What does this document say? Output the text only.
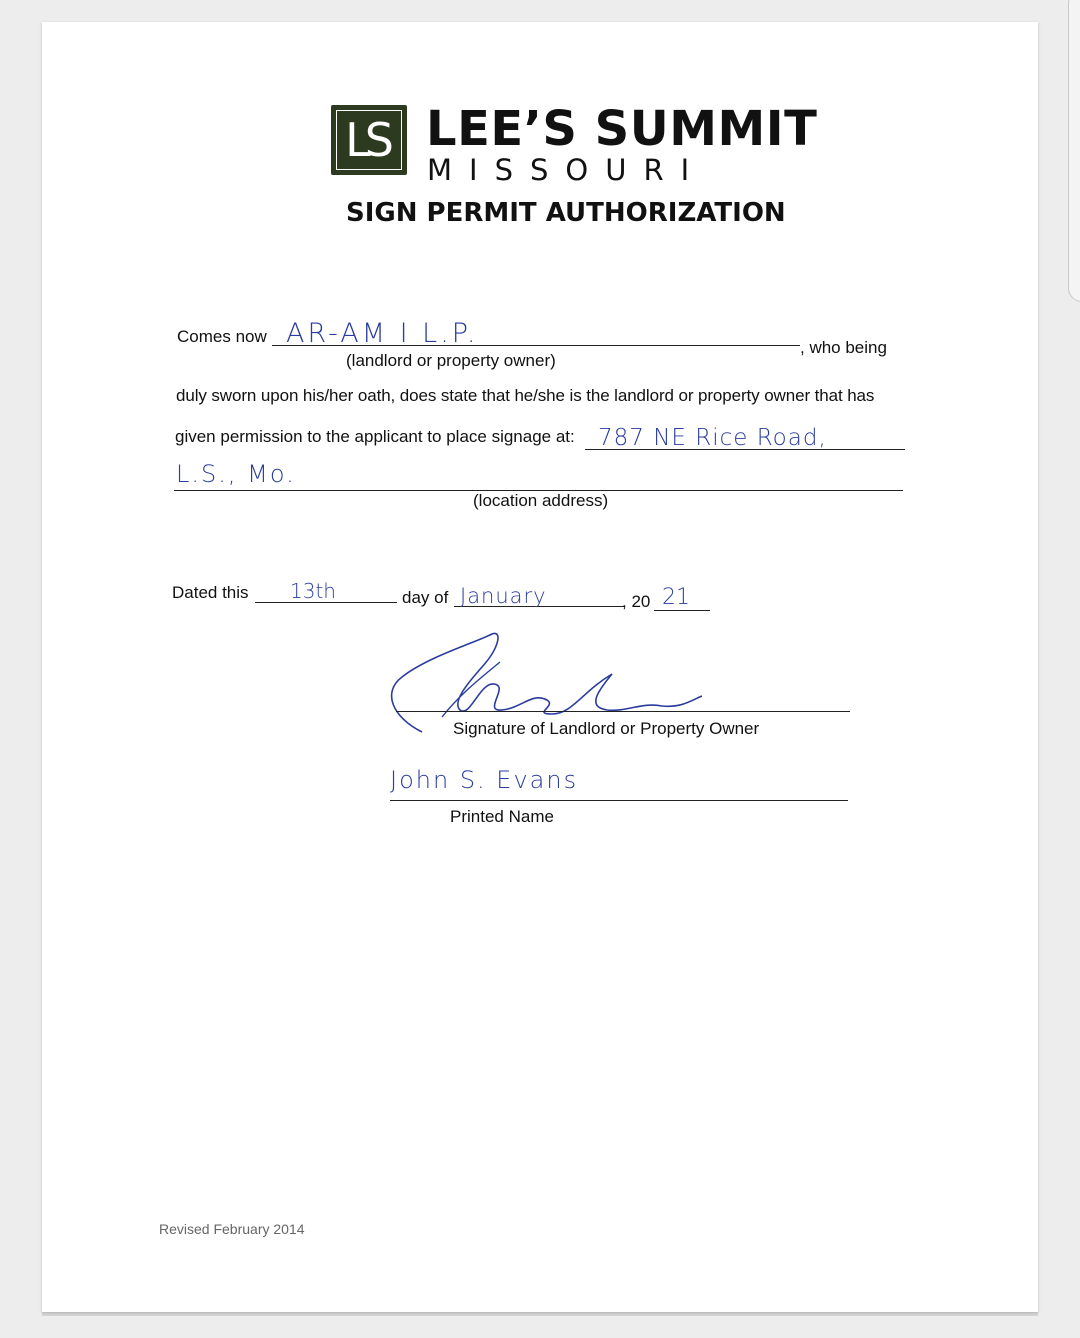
LS LEE’S SUMMIT
MISSOURI
SIGN PERMIT AUTHORIZATION
Comes now AR-AM I L.P.	, who being
(landlord or property owner)
duly sworn upon his/her oath, does state that he/she is the landlord or property owner that has
given permission to the applicant to place signage at: 787 NE Rice Road,
L.S., Mo.
(location address)
Dated this 13th	day of January	, 20 21
Signature of Landlord or Property Owner
John S. Evans
Printed Name
Revised February 2014
